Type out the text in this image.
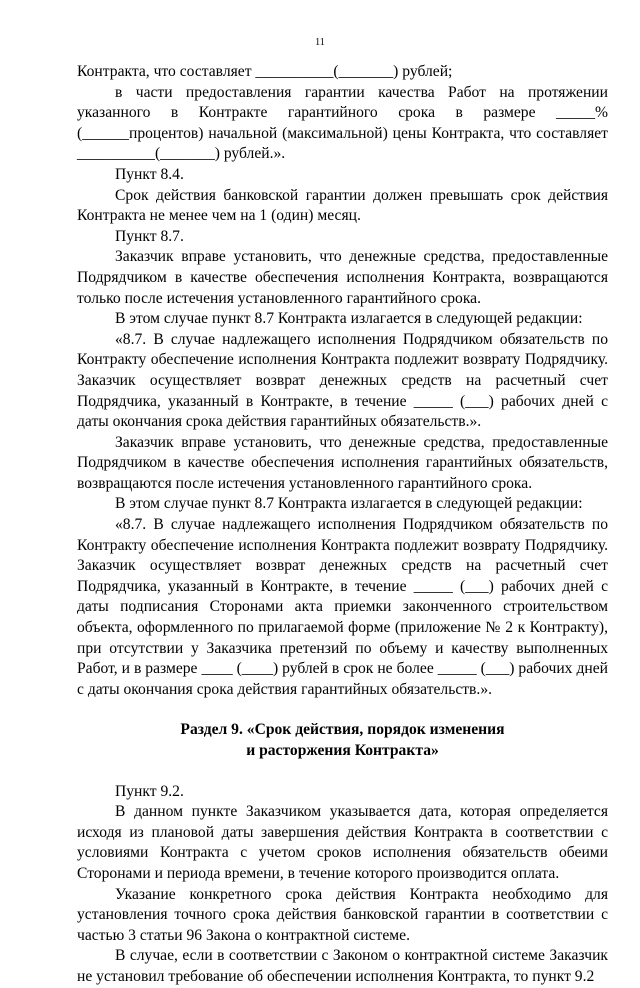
11

Контракта, что составляет __________(_______) рублей;

в части предоставления гарантии качества Работ на протяжении указанного в Контракте гарантийного срока в размере _____% (______процентов) начальной (максимальной) цены Контракта, что составляет __________(_______) рублей.».

Пункт 8.4.

Срок действия банковской гарантии должен превышать срок действия Контракта не менее чем на 1 (один) месяц.

Пункт 8.7.

Заказчик вправе установить, что денежные средства, предоставленные Подрядчиком в качестве обеспечения исполнения Контракта, возвращаются только после истечения установленного гарантийного срока.

В этом случае пункт 8.7 Контракта излагается в следующей редакции:

«8.7. В случае надлежащего исполнения Подрядчиком обязательств по Контракту обеспечение исполнения Контракта подлежит возврату Подрядчику. Заказчик осуществляет возврат денежных средств на расчетный счет Подрядчика, указанный в Контракте, в течение _____ (___) рабочих дней с даты окончания срока действия гарантийных обязательств.».

Заказчик вправе установить, что денежные средства, предоставленные Подрядчиком в качестве обеспечения исполнения гарантийных обязательств, возвращаются после истечения установленного гарантийного срока.

В этом случае пункт 8.7 Контракта излагается в следующей редакции:

«8.7. В случае надлежащего исполнения Подрядчиком обязательств по Контракту обеспечение исполнения Контракта подлежит возврату Подрядчику. Заказчик осуществляет возврат денежных средств на расчетный счет Подрядчика, указанный в Контракте, в течение _____ (___) рабочих дней с даты подписания Сторонами акта приемки законченного строительством объекта, оформленного по прилагаемой форме (приложение № 2 к Контракту), при отсутствии у Заказчика претензий по объему и качеству выполненных Работ, и в размере ____ (____) рублей в срок не более _____ (___) рабочих дней с даты окончания срока действия гарантийных обязательств.».

Раздел 9. «Срок действия, порядок изменения
и расторжения Контракта»

Пункт 9.2.

В данном пункте Заказчиком указывается дата, которая определяется исходя из плановой даты завершения действия Контракта в соответствии с условиями Контракта с учетом сроков исполнения обязательств обеими Сторонами и периода времени, в течение которого производится оплата.

Указание конкретного срока действия Контракта необходимо для установления точного срока действия банковской гарантии в соответствии с частью 3 статьи 96 Закона о контрактной системе.

В случае, если в соответствии с Законом о контрактной системе Заказчик не установил требование об обеспечении исполнения Контракта, то пункт 9.2
